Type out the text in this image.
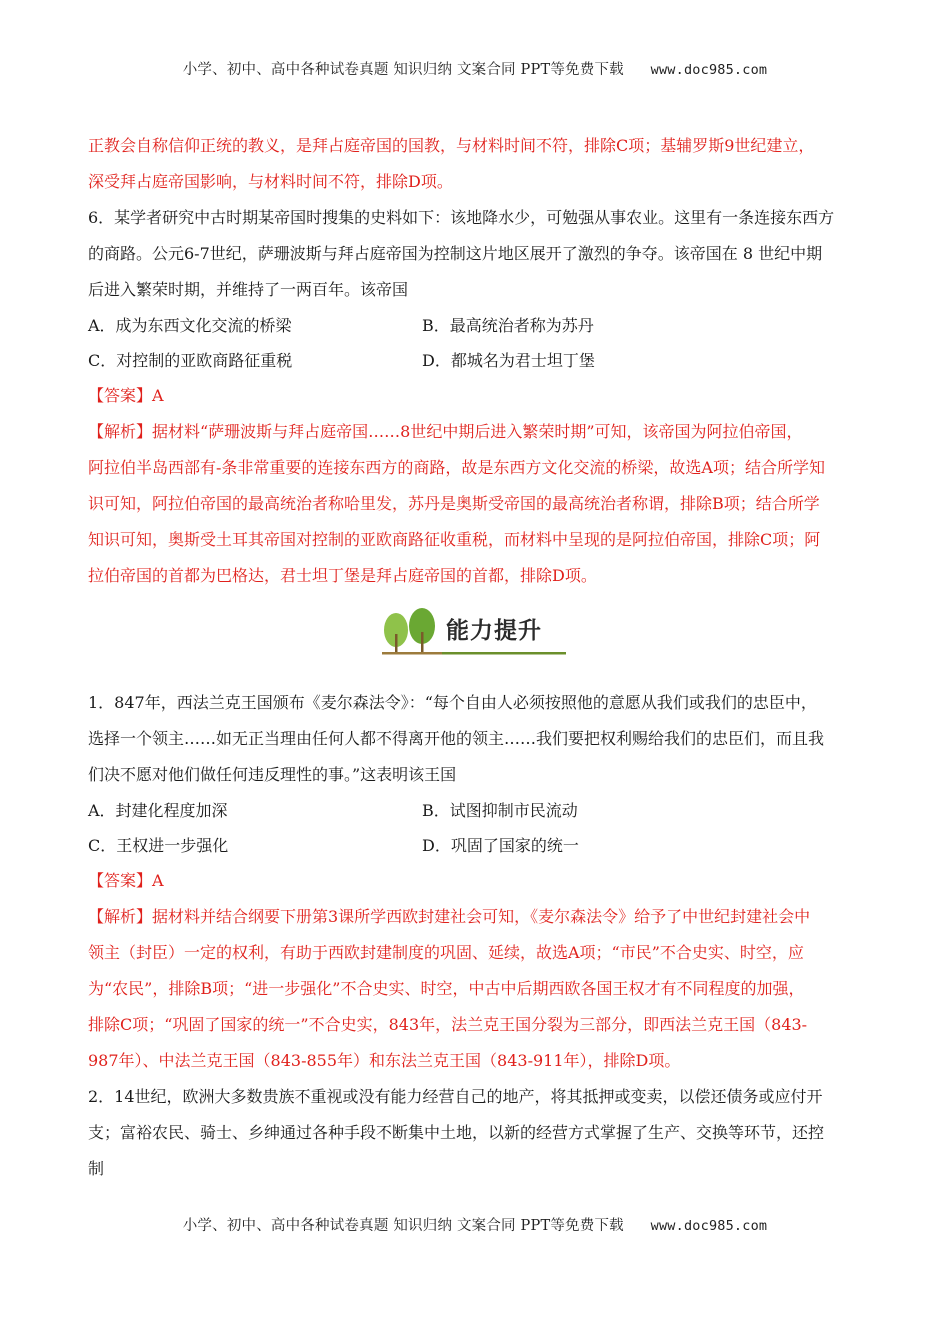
小学、初中、高中各种试卷真题 知识归纳 文案合同 PPT等免费下载 www.doc985.com

正教会自称信仰正统的教义，是拜占庭帝国的国教，与材料时间不符，排除C项；基辅罗斯9世纪建立，

深受拜占庭帝国影响，与材料时间不符，排除D项。

6．某学者研究中古时期某帝国时搜集的史料如下：该地降水少，可勉强从事农业。这里有一条连接东西方

的商路。公元6-7世纪，萨珊波斯与拜占庭帝国为控制这片地区展开了激烈的争夺。该帝国在 8 世纪中期

后进入繁荣时期，并维持了一两百年。该帝国

A．成为东西文化交流的桥梁	B．最高统治者称为苏丹
C．对控制的亚欧商路征重税	D．都城名为君士坦丁堡

【答案】A

【解析】据材料“萨珊波斯与拜占庭帝国……8世纪中期后进入繁荣时期”可知，该帝国为阿拉伯帝国，

阿拉伯半岛西部有-条非常重要的连接东西方的商路，故是东西方文化交流的桥梁，故选A项；结合所学知

识可知，阿拉伯帝国的最高统治者称哈里发，苏丹是奥斯受帝国的最高统治者称谓，排除B项；结合所学

知识可知，奥斯受土耳其帝国对控制的亚欧商路征收重税，而材料中呈现的是阿拉伯帝国，排除C项；阿

拉伯帝国的首都为巴格达，君士坦丁堡是拜占庭帝国的首都，排除D项。

1．847年，西法兰克王国颁布《麦尔森法令》：“每个自由人必须按照他的意愿从我们或我们的忠臣中，

选择一个领主……如无正当理由任何人都不得离开他的领主……我们要把权利赐给我们的忠臣们，而且我

们决不愿对他们做任何违反理性的事。”这表明该王国

A．封建化程度加深	B．试图抑制市民流动
C．王权进一步强化	D．巩固了国家的统一

【答案】A

【解析】据材料并结合纲要下册第3课所学西欧封建社会可知，《麦尔森法令》给予了中世纪封建社会中

领主（封臣）一定的权利，有助于西欧封建制度的巩固、延续，故选A项；“市民”不合史实、时空，应

为“农民”，排除B项；“进一步强化”不合史实、时空，中古中后期西欧各国王权才有不同程度的加强，

排除C项；“巩固了国家的统一”不合史实，843年，法兰克王国分裂为三部分，即西法兰克王国（843-

987年）、中法兰克王国（843-855年）和东法兰克王国（843-911年），排除D项。

2．14世纪，欧洲大多数贵族不重视或没有能力经营自己的地产，将其抵押或变卖，以偿还债务或应付开

支；富裕农民、骑士、乡绅通过各种手段不断集中土地，以新的经营方式掌握了生产、交换等环节，还控

制

能力提升
小学、初中、高中各种试卷真题 知识归纳 文案合同 PPT等免费下载 www.doc985.com
